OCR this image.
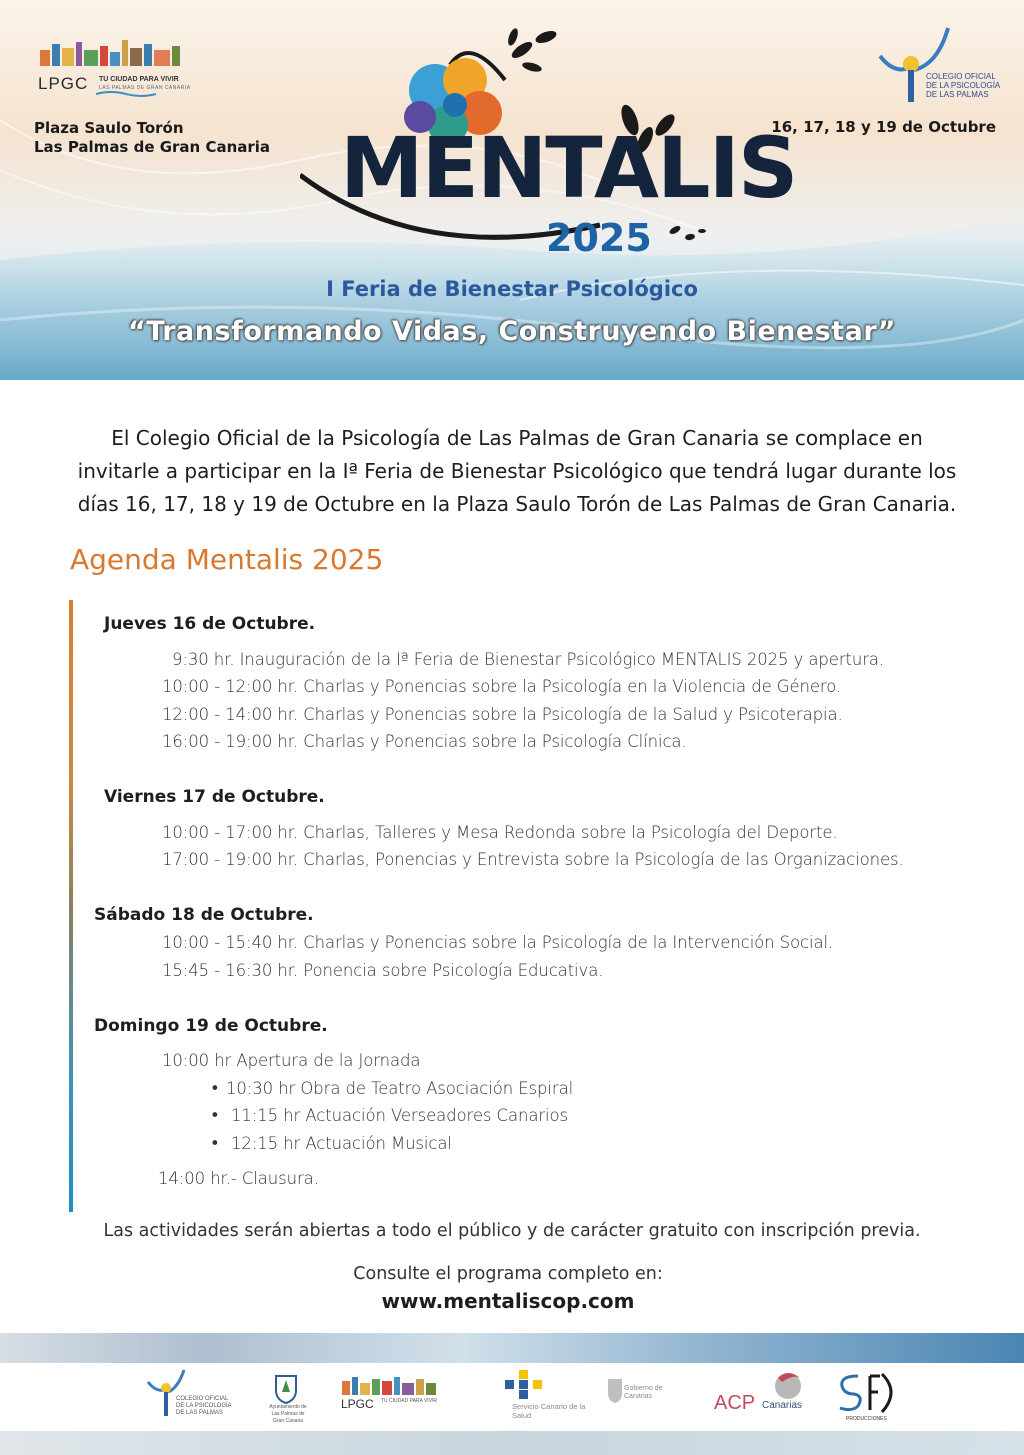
LPGC TU CIUDAD PARA VIVIR
LAS PALMAS DE GRAN CANARIA
Plaza Saulo Torón
Las Palmas de Gran Canaria
COLEGIO OFICIAL
DE LA PSICOLOGÍA
DE LAS PALMAS
16, 17, 18 y 19 de Octubre
MENTALIS
2025
I Feria de Bienestar Psicológico
“Transformando Vidas, Construyendo Bienestar”
El Colegio Oficial de la Psicología de Las Palmas de Gran Canaria se complace en
invitarle a participar en la Iª Feria de Bienestar Psicológico que tendrá lugar durante los
días 16, 17, 18 y 19 de Octubre en la Plaza Saulo Torón de Las Palmas de Gran Canaria.
Agenda Mentalis 2025
Jueves 16 de Octubre.
9:30 hr. Inauguración de la Iª Feria de Bienestar Psicológico MENTALIS 2025 y apertura.
10:00 - 12:00 hr. Charlas y Ponencias sobre la Psicología en la Violencia de Género.
12:00 - 14:00 hr. Charlas y Ponencias sobre la Psicología de la Salud y Psicoterapia.
16:00 - 19:00 hr. Charlas y Ponencias sobre la Psicología Clínica.
Viernes 17 de Octubre.
10:00 - 17:00 hr. Charlas, Talleres y Mesa Redonda sobre la Psicología del Deporte.
17:00 - 19:00 hr. Charlas, Ponencias y Entrevista sobre la Psicología de las Organizaciones.
Sábado 18 de Octubre.
10:00 - 15:40 hr. Charlas y Ponencias sobre la Psicología de la Intervención Social.
15:45 - 16:30 hr. Ponencia sobre Psicología Educativa.
Domingo 19 de Octubre.
10:00 hr Apertura de la Jornada
• 10:30 hr Obra de Teatro Asociación Espiral
• 11:15 hr Actuación Verseadores Canarios
• 12:15 hr Actuación Musical
14:00 hr.- Clausura.
Las actividades serán abiertas a todo el público y de carácter gratuito con inscripción previa.
Consulte el programa completo en:
www.mentaliscop.com
COLEGIO OFICIAL DE LA PSICOLOGÍA DE LAS PALMAS
Ayuntamiento de Las Palmas de Gran Canaria
LPGC TU CIUDAD PARA VIVIR
Servicio Canario de la Salud
Gobierno de Canarias	ACP Canarias
PRODUCCIONES
